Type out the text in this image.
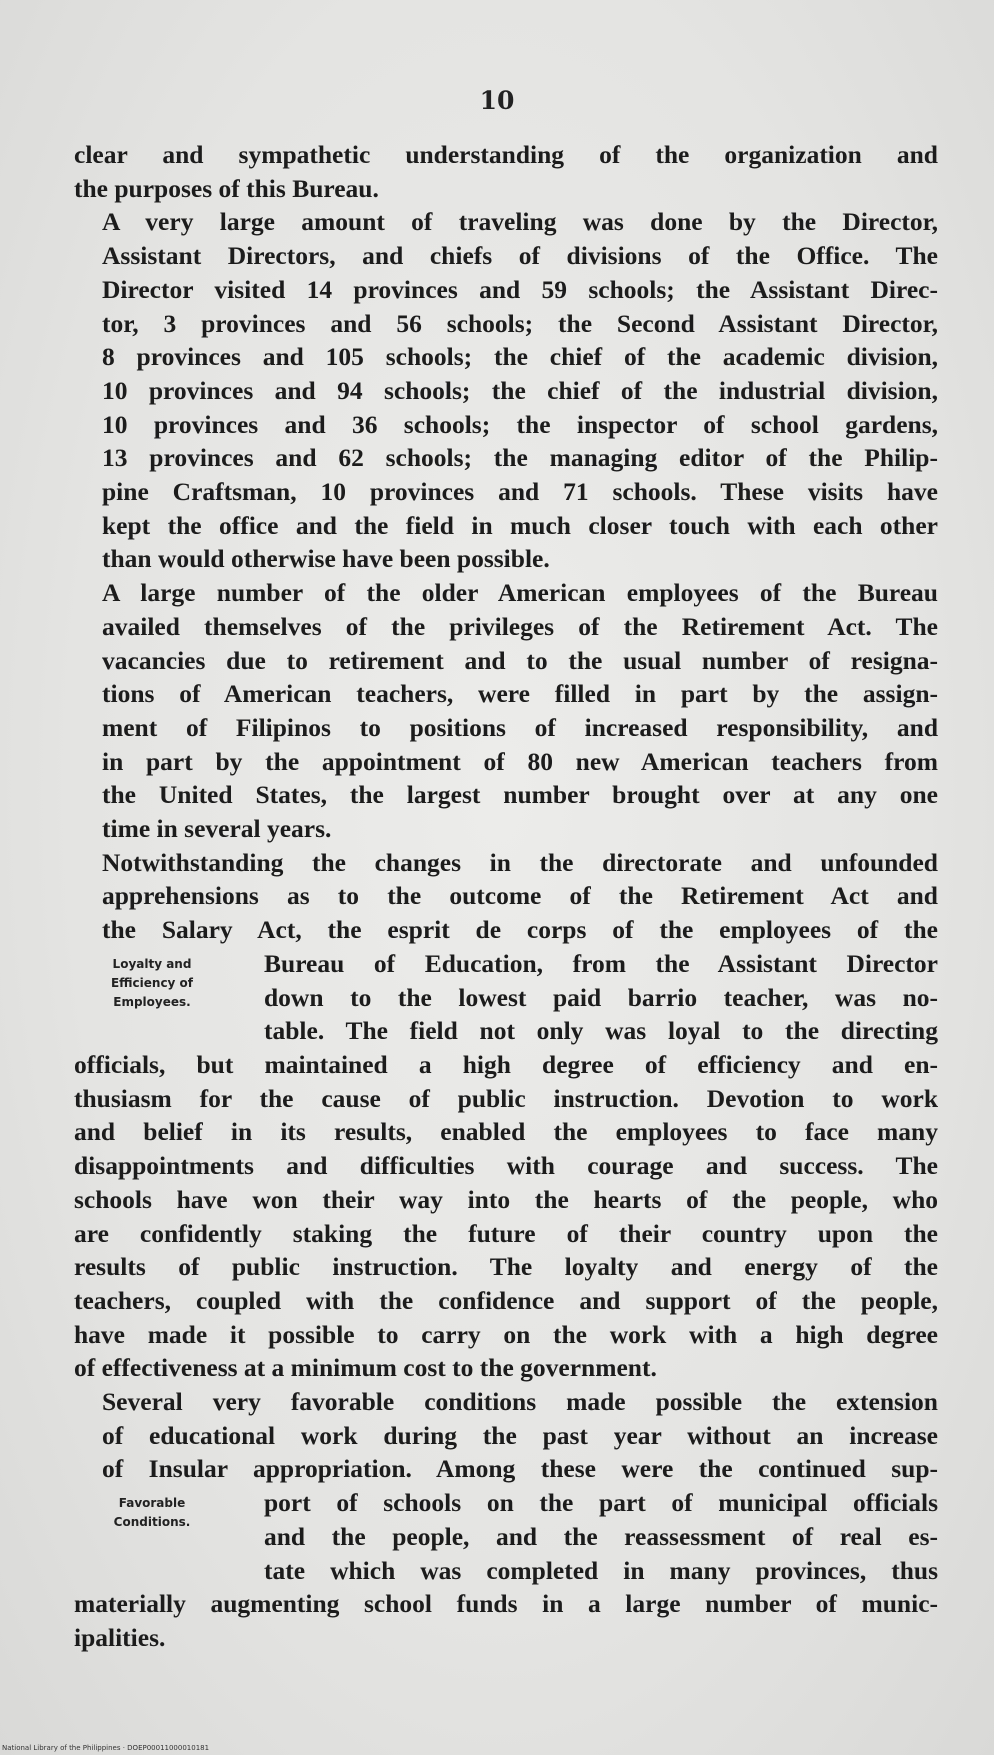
10

clear and sympathetic understanding of the organization and
the purposes of this Bureau.

A very large amount of traveling was done by the Director,
Assistant Directors, and chiefs of divisions of the Office. The
Director visited 14 provinces and 59 schools; the Assistant Direc-
tor, 3 provinces and 56 schools; the Second Assistant Director,
8 provinces and 105 schools; the chief of the academic division,
10 provinces and 94 schools; the chief of the industrial division,
10 provinces and 36 schools; the inspector of school gardens,
13 provinces and 62 schools; the managing editor of the Philip-
pine Craftsman, 10 provinces and 71 schools. These visits have
kept the office and the field in much closer touch with each other
than would otherwise have been possible.

A large number of the older American employees of the Bureau
availed themselves of the privileges of the Retirement Act. The
vacancies due to retirement and to the usual number of resigna-
tions of American teachers, were filled in part by the assign-
ment of Filipinos to positions of increased responsibility, and
in part by the appointment of 80 new American teachers from
the United States, the largest number brought over at any one
time in several years.

Notwithstanding the changes in the directorate and unfounded
apprehensions as to the outcome of the Retirement Act and
the Salary Act, the esprit de corps of the employees of the

Loyalty and
Efficiency of
Employees.

Bureau of Education, from the Assistant Director
down to the lowest paid barrio teacher, was no-
table. The field not only was loyal to the directing

officials, but maintained a high degree of efficiency and en-
thusiasm for the cause of public instruction. Devotion to work
and belief in its results, enabled the employees to face many
disappointments and difficulties with courage and success. The
schools have won their way into the hearts of the people, who
are confidently staking the future of their country upon the
results of public instruction. The loyalty and energy of the
teachers, coupled with the confidence and support of the people,
have made it possible to carry on the work with a high degree
of effectiveness at a minimum cost to the government.

Several very favorable conditions made possible the extension
of educational work during the past year without an increase
of Insular appropriation. Among these were the continued sup-

Favorable
Conditions.

port of schools on the part of municipal officials
and the people, and the reassessment of real es-
tate which was completed in many provinces, thus

materially augmenting school funds in a large number of munic-
ipalities.

National Library of the Philippines · DOEP00011000010181
